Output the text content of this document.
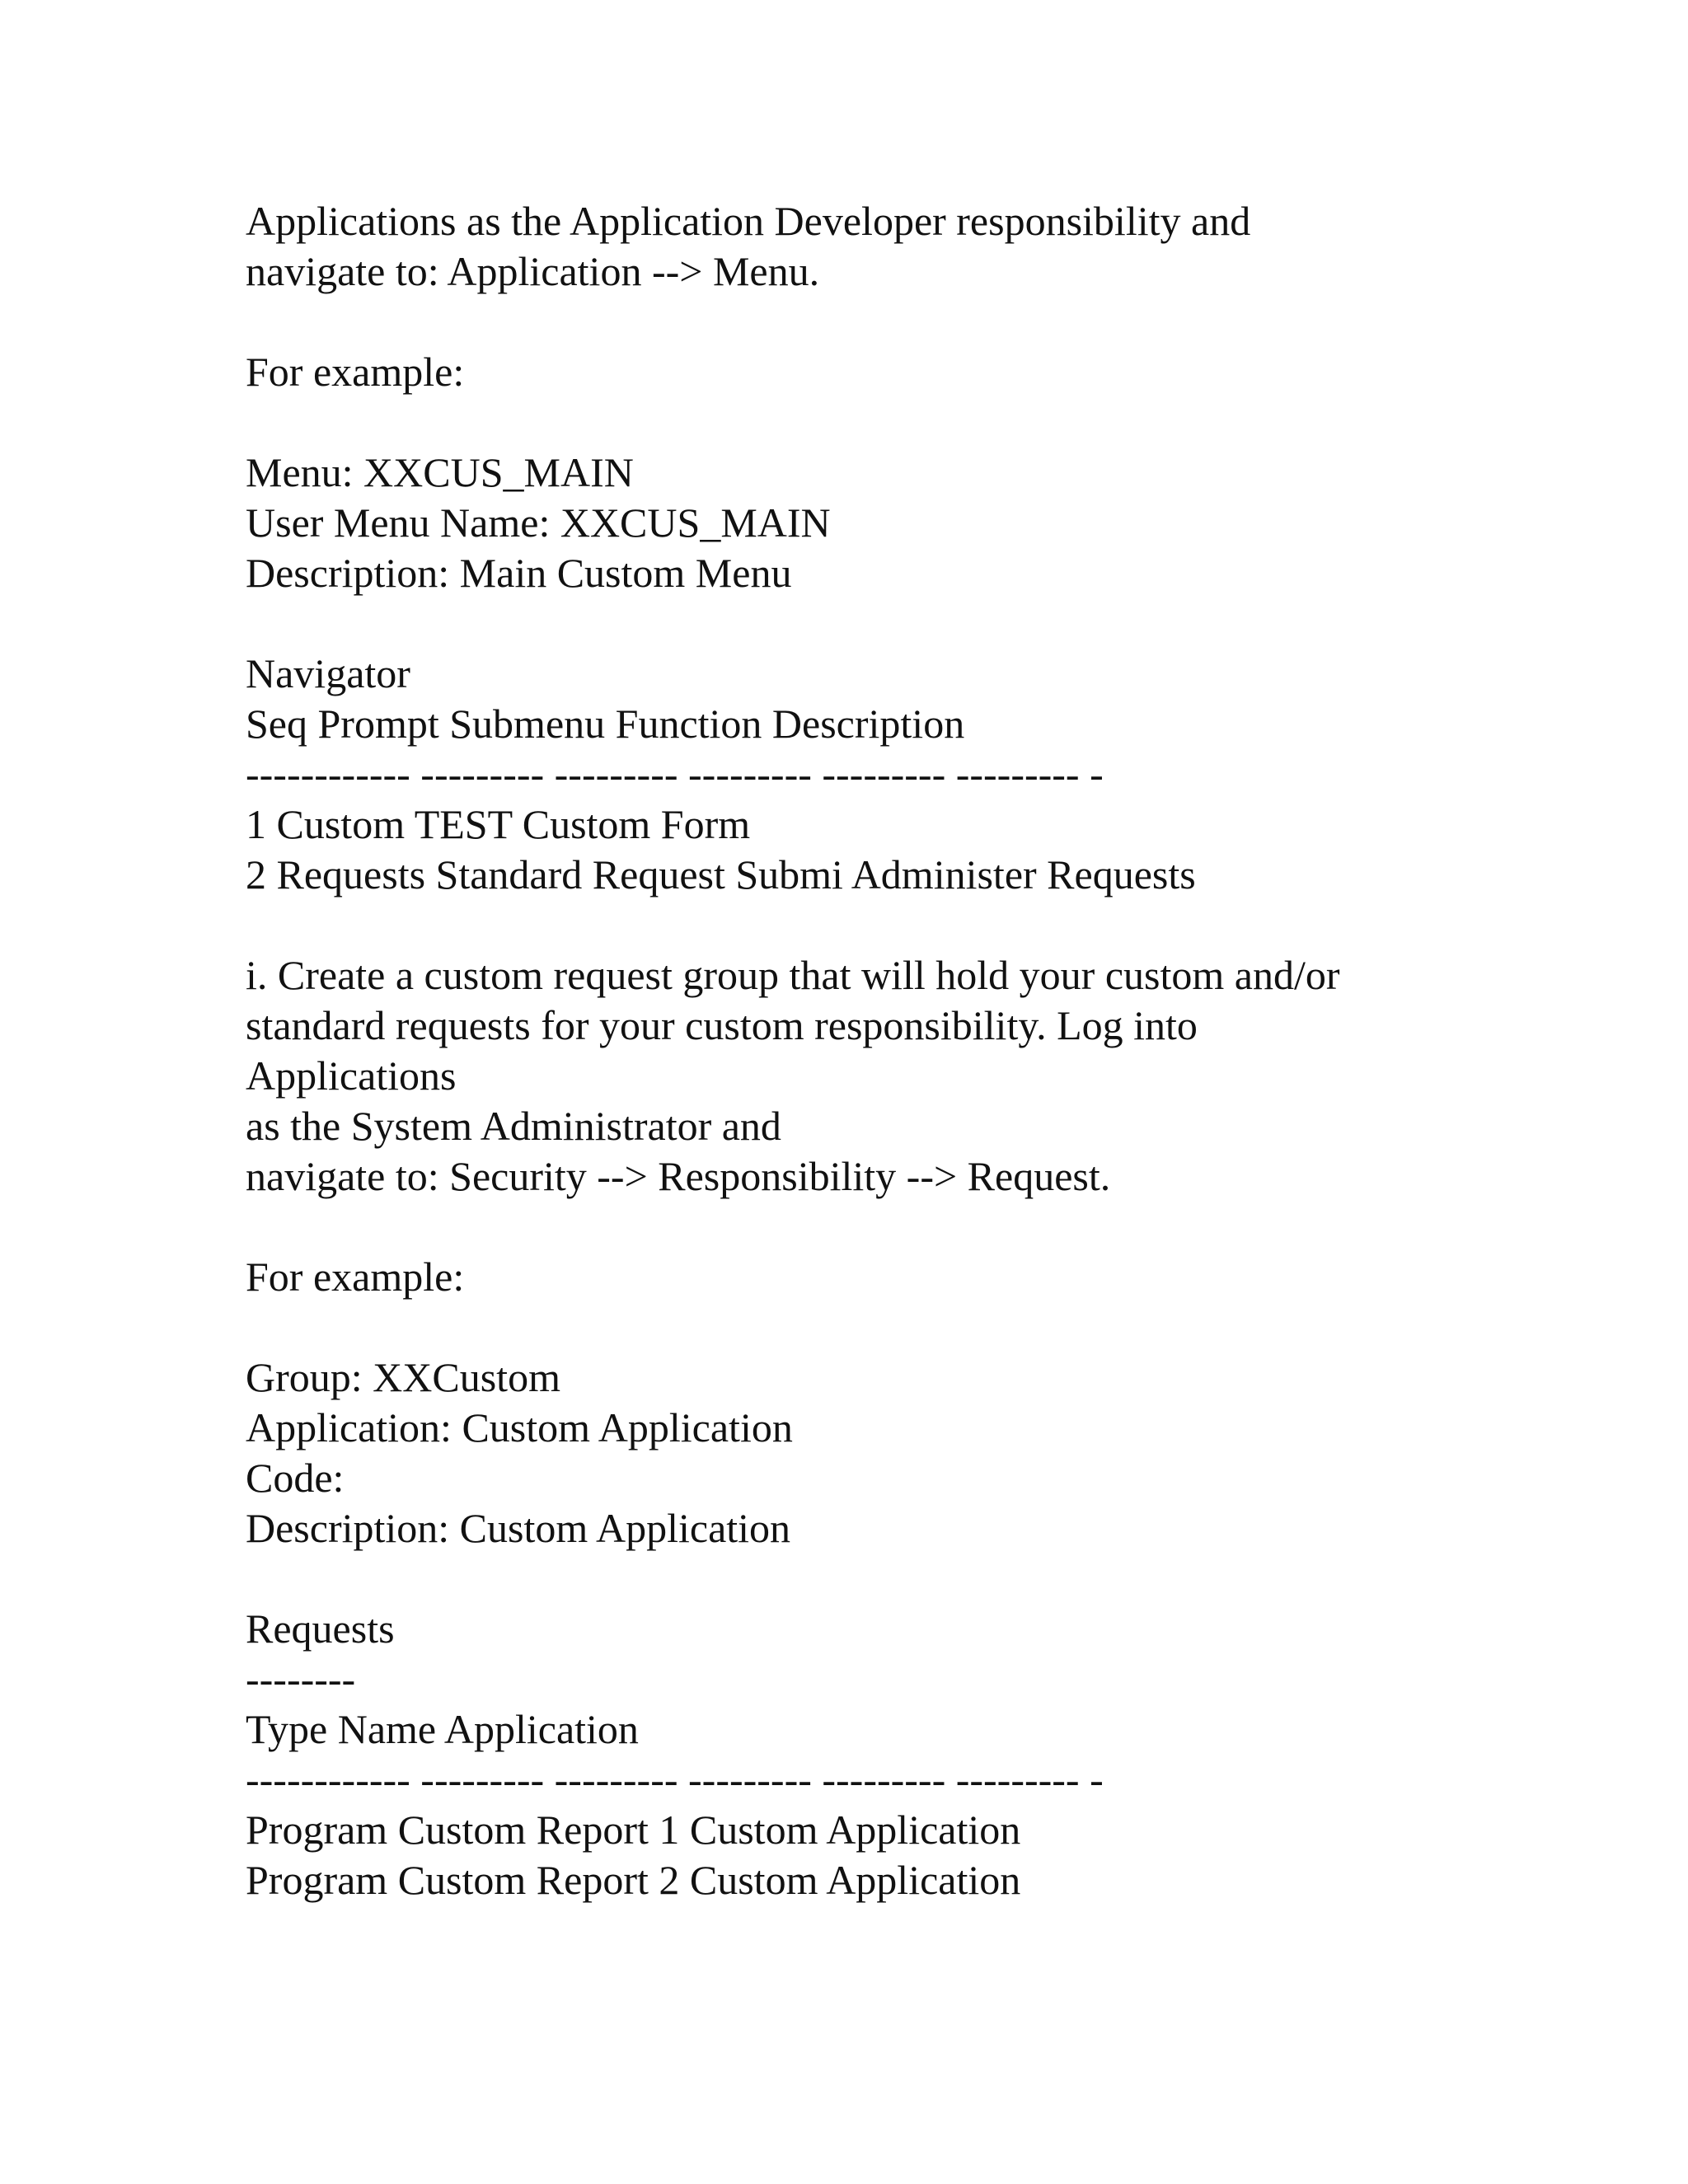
Applications as the Application Developer responsibility and
navigate to: Application --> Menu.
For example:
Menu: XXCUS_MAIN
User Menu Name: XXCUS_MAIN
Description: Main Custom Menu
Navigator
Seq Prompt Submenu Function Description
------------ --------- --------- --------- --------- --------- -
1 Custom TEST Custom Form
2 Requests Standard Request Submi Administer Requests
i. Create a custom request group that will hold your custom and/or
standard requests for your custom responsibility. Log into
Applications
as the System Administrator and
navigate to: Security --> Responsibility --> Request.
For example:
Group: XXCustom
Application: Custom Application
Code:
Description: Custom Application
Requests
--------
Type Name Application
------------ --------- --------- --------- --------- --------- -
Program Custom Report 1 Custom Application
Program Custom Report 2 Custom Application
